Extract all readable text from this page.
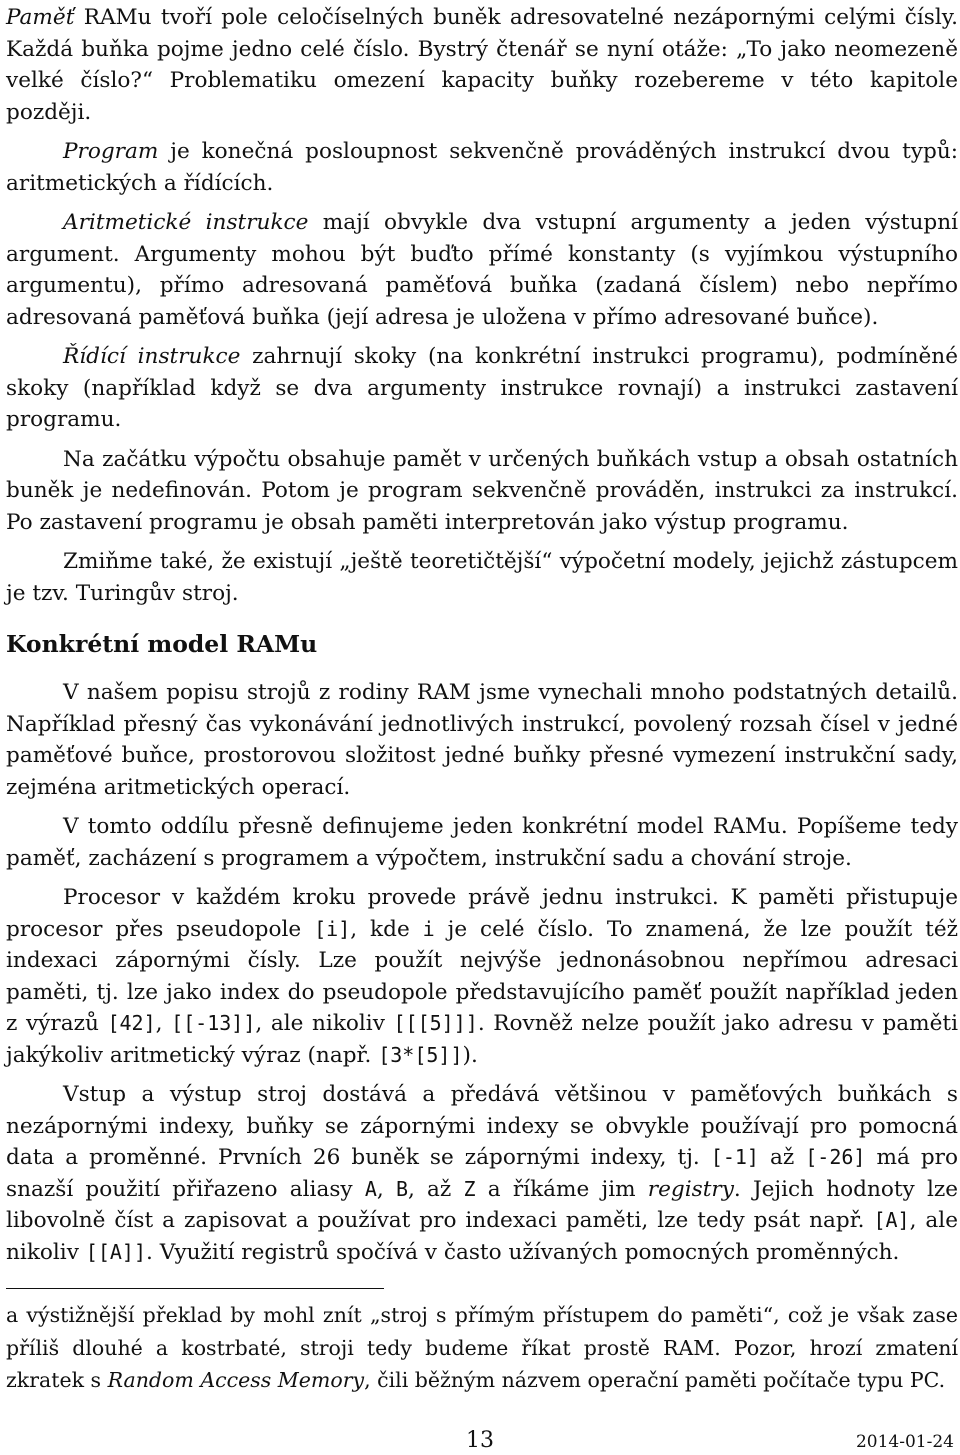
Paměť RAMu tvoří pole celočíselných buněk adresovatelné nezápornými celými čísly. Každá buňka pojme jedno celé číslo. Bystrý čtenář se nyní otáže: „To jako neomezeně velké číslo?“ Problematiku omezení kapacity buňky rozebereme v této kapitole později.

Program je konečná posloupnost sekvenčně prováděných instrukcí dvou typů: aritmetických a řídících.

Aritmetické instrukce mají obvykle dva vstupní argumenty a jeden výstupní argument. Argumenty mohou být buďto přímé konstanty (s vyjímkou výstupního argumentu), přímo adresovaná paměťová buňka (zadaná číslem) nebo nepřímo adresovaná paměťová buňka (její adresa je uložena v přímo adresované buňce).

Řídící instrukce zahrnují skoky (na konkrétní instrukci programu), podmíněné skoky (například když se dva argumenty instrukce rovnají) a instrukci zastavení programu.

Na začátku výpočtu obsahuje pamět v určených buňkách vstup a obsah ostatních buněk je nedefinován. Potom je program sekvenčně prováděn, instrukci za instrukcí. Po zastavení programu je obsah paměti interpretován jako výstup programu.

Zmiňme také, že existují „ještě teoretičtější“ výpočetní modely, jejichž zástupcem je tzv. Turingův stroj.

Konkrétní model RAMu

V našem popisu strojů z rodiny RAM jsme vynechali mnoho podstatných detailů. Například přesný čas vykonávání jednotlivých instrukcí, povolený rozsah čísel v jedné paměťové buňce, prostorovou složitost jedné buňky přesné vymezení instrukční sady, zejména aritmetických operací.

V tomto oddílu přesně definujeme jeden konkrétní model RAMu. Popíšeme tedy paměť, zacházení s programem a výpočtem, instrukční sadu a chování stroje.

Procesor v každém kroku provede právě jednu instrukci. K paměti přistupuje procesor přes pseudopole [i], kde i je celé číslo. To znamená, že lze použít též indexaci zápornými čísly. Lze použít nejvýše jednonásobnou nepřímou adresaci paměti, tj. lze jako index do pseudopole představujícího paměť použít například jeden z výrazů [42], [[-13]], ale nikoliv [[[5]]]. Rovněž nelze použít jako adresu v paměti jakýkoliv aritmetický výraz (např. [3*[5]]).

Vstup a výstup stroj dostává a předává většinou v paměťových buňkách s nezápornými indexy, buňky se zápornými indexy se obvykle používají pro pomocná data a proměnné. Prvních 26 buněk se zápornými indexy, tj. [-1] až [-26] má pro snazší použití přiřazeno aliasy A, B, až Z a říkáme jim registry. Jejich hodnoty lze libovolně číst a zapisovat a používat pro indexaci paměti, lze tedy psát např. [A], ale nikoliv [[A]]. Využití registrů spočívá v často užívaných pomocných proměnných.

a výstižnější překlad by mohl znít „stroj s přímým přístupem do paměti“, což je však zase příliš dlouhé a kostrbaté, stroji tedy budeme říkat prostě RAM. Pozor, hrozí zmatení zkratek s Random Access Memory, čili běžným názvem operační paměti počítače typu PC.

13	2014-01-24
